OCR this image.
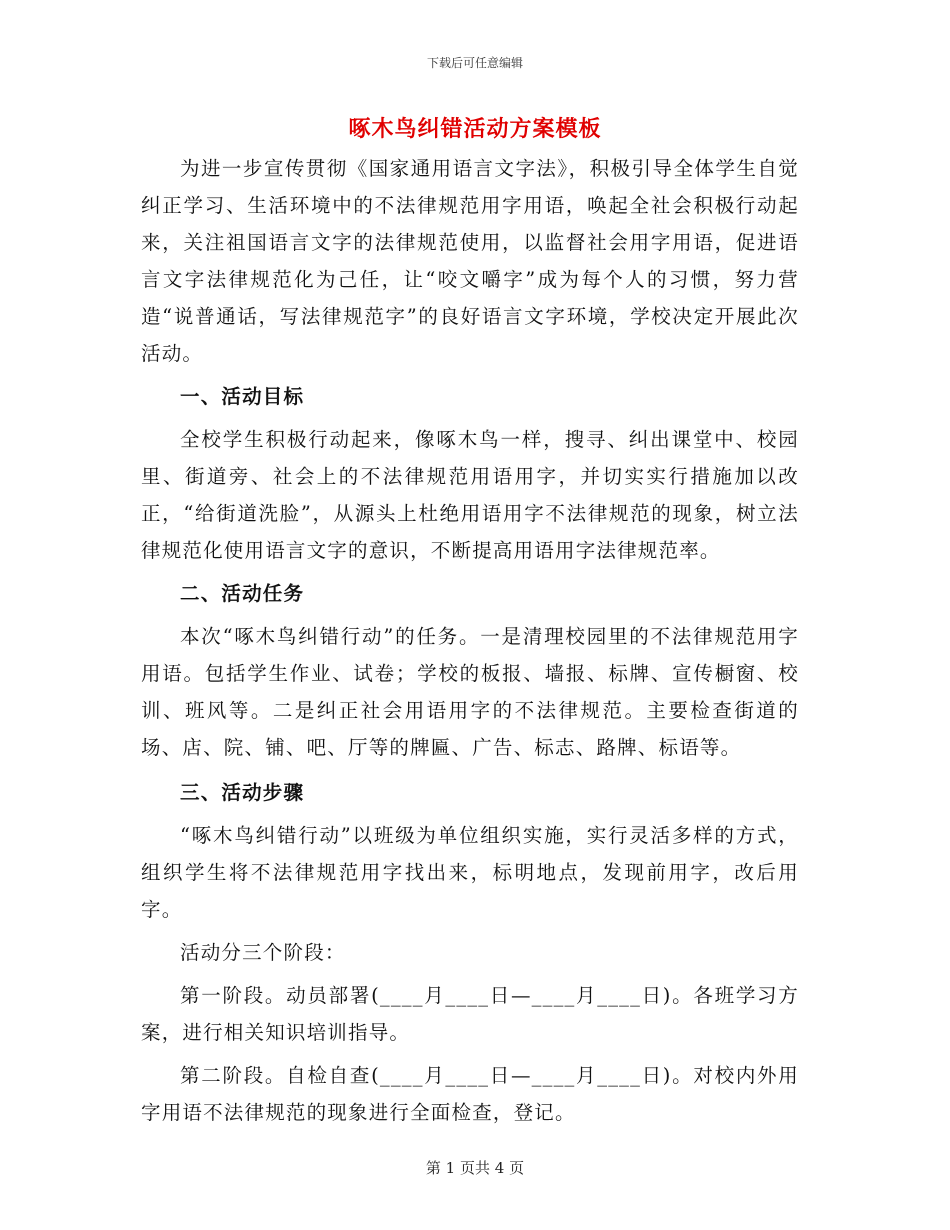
下载后可任意编辑
啄木鸟纠错活动方案模板

为进一步宣传贯彻《国家通用语言文字法》，积极引导全体学生自觉纠正学习、生活环境中的不法律规范用字用语，唤起全社会积极行动起来，关注祖国语言文字的法律规范使用，以监督社会用字用语，促进语言文字法律规范化为己任，让“咬文嚼字”成为每个人的习惯，努力营造“说普通话，写法律规范字”的良好语言文字环境，学校决定开展此次活动。

一、活动目标

全校学生积极行动起来，像啄木鸟一样，搜寻、纠出课堂中、校园里、街道旁、社会上的不法律规范用语用字，并切实实行措施加以改正，“给街道洗脸”，从源头上杜绝用语用字不法律规范的现象，树立法律规范化使用语言文字的意识，不断提高用语用字法律规范率。

二、活动任务

本次“啄木鸟纠错行动”的任务。一是清理校园里的不法律规范用字用语。包括学生作业、试卷；学校的板报、墙报、标牌、宣传橱窗、校训、班风等。二是纠正社会用语用字的不法律规范。主要检查街道的场、店、院、铺、吧、厅等的牌匾、广告、标志、路牌、标语等。

三、活动步骤

“啄木鸟纠错行动”以班级为单位组织实施，实行灵活多样的方式，组织学生将不法律规范用字找出来，标明地点，发现前用字，改后用字。

活动分三个阶段：

第一阶段。动员部署(____月____日—____月____日)。各班学习方案，进行相关知识培训指导。

第二阶段。自检自查(____月____日—____月____日)。对校内外用字用语不法律规范的现象进行全面检查，登记。

第 1 页共 4 页
